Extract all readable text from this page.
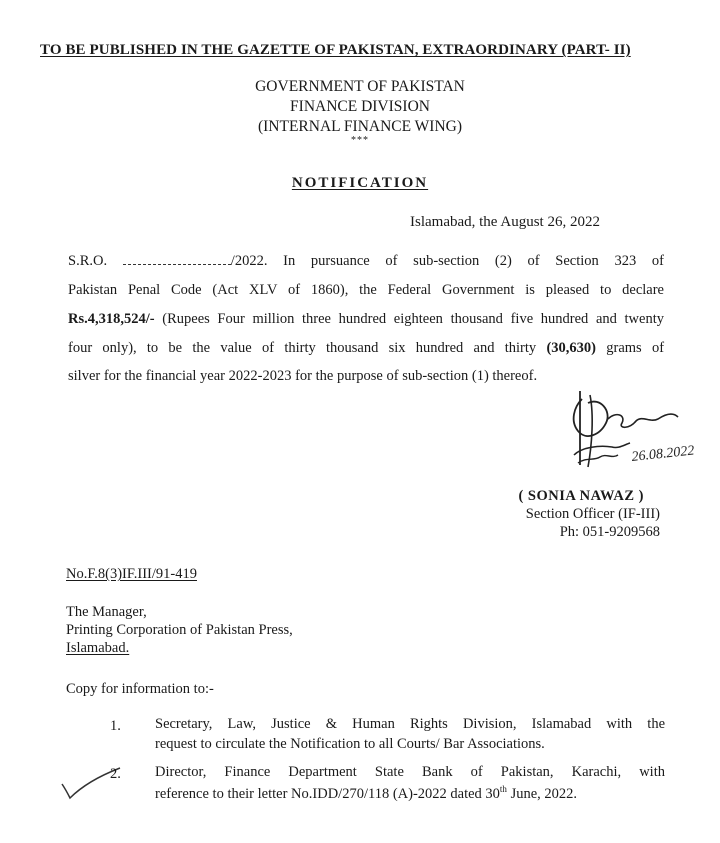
TO BE PUBLISHED IN THE GAZETTE OF PAKISTAN, EXTRAORDINARY (PART- II)
GOVERNMENT OF PAKISTAN
FINANCE DIVISION
(INTERNAL FINANCE WING)
***
NOTIFICATION
Islamabad, the August 26, 2022
S.R.O.	/2022. In pursuance of sub-section (2) of Section 323 of
Pakistan Penal Code (Act XLV of 1860), the Federal Government is pleased to declare
Rs.4,318,524/- (Rupees Four million three hundred eighteen thousand five hundred and twenty
four only), to be the value of thirty thousand six hundred and thirty (30,630) grams of
silver for the financial year 2022-2023 for the purpose of sub-section (1) thereof.
26.08.2022
( SONIA NAWAZ )
Section Officer (IF-III)
Ph: 051-9209568
No.F.8(3)IF.III/91-419
The Manager,
Printing Corporation of Pakistan Press,
Islamabad.
Copy for information to:-
1. Secretary, Law, Justice & Human Rights Division, Islamabad with the
request to circulate the Notification to all Courts/ Bar Associations.
2. Director, Finance Department State Bank of Pakistan, Karachi, with
reference to their letter No.IDD/270/118 (A)-2022 dated 30th June, 2022.
